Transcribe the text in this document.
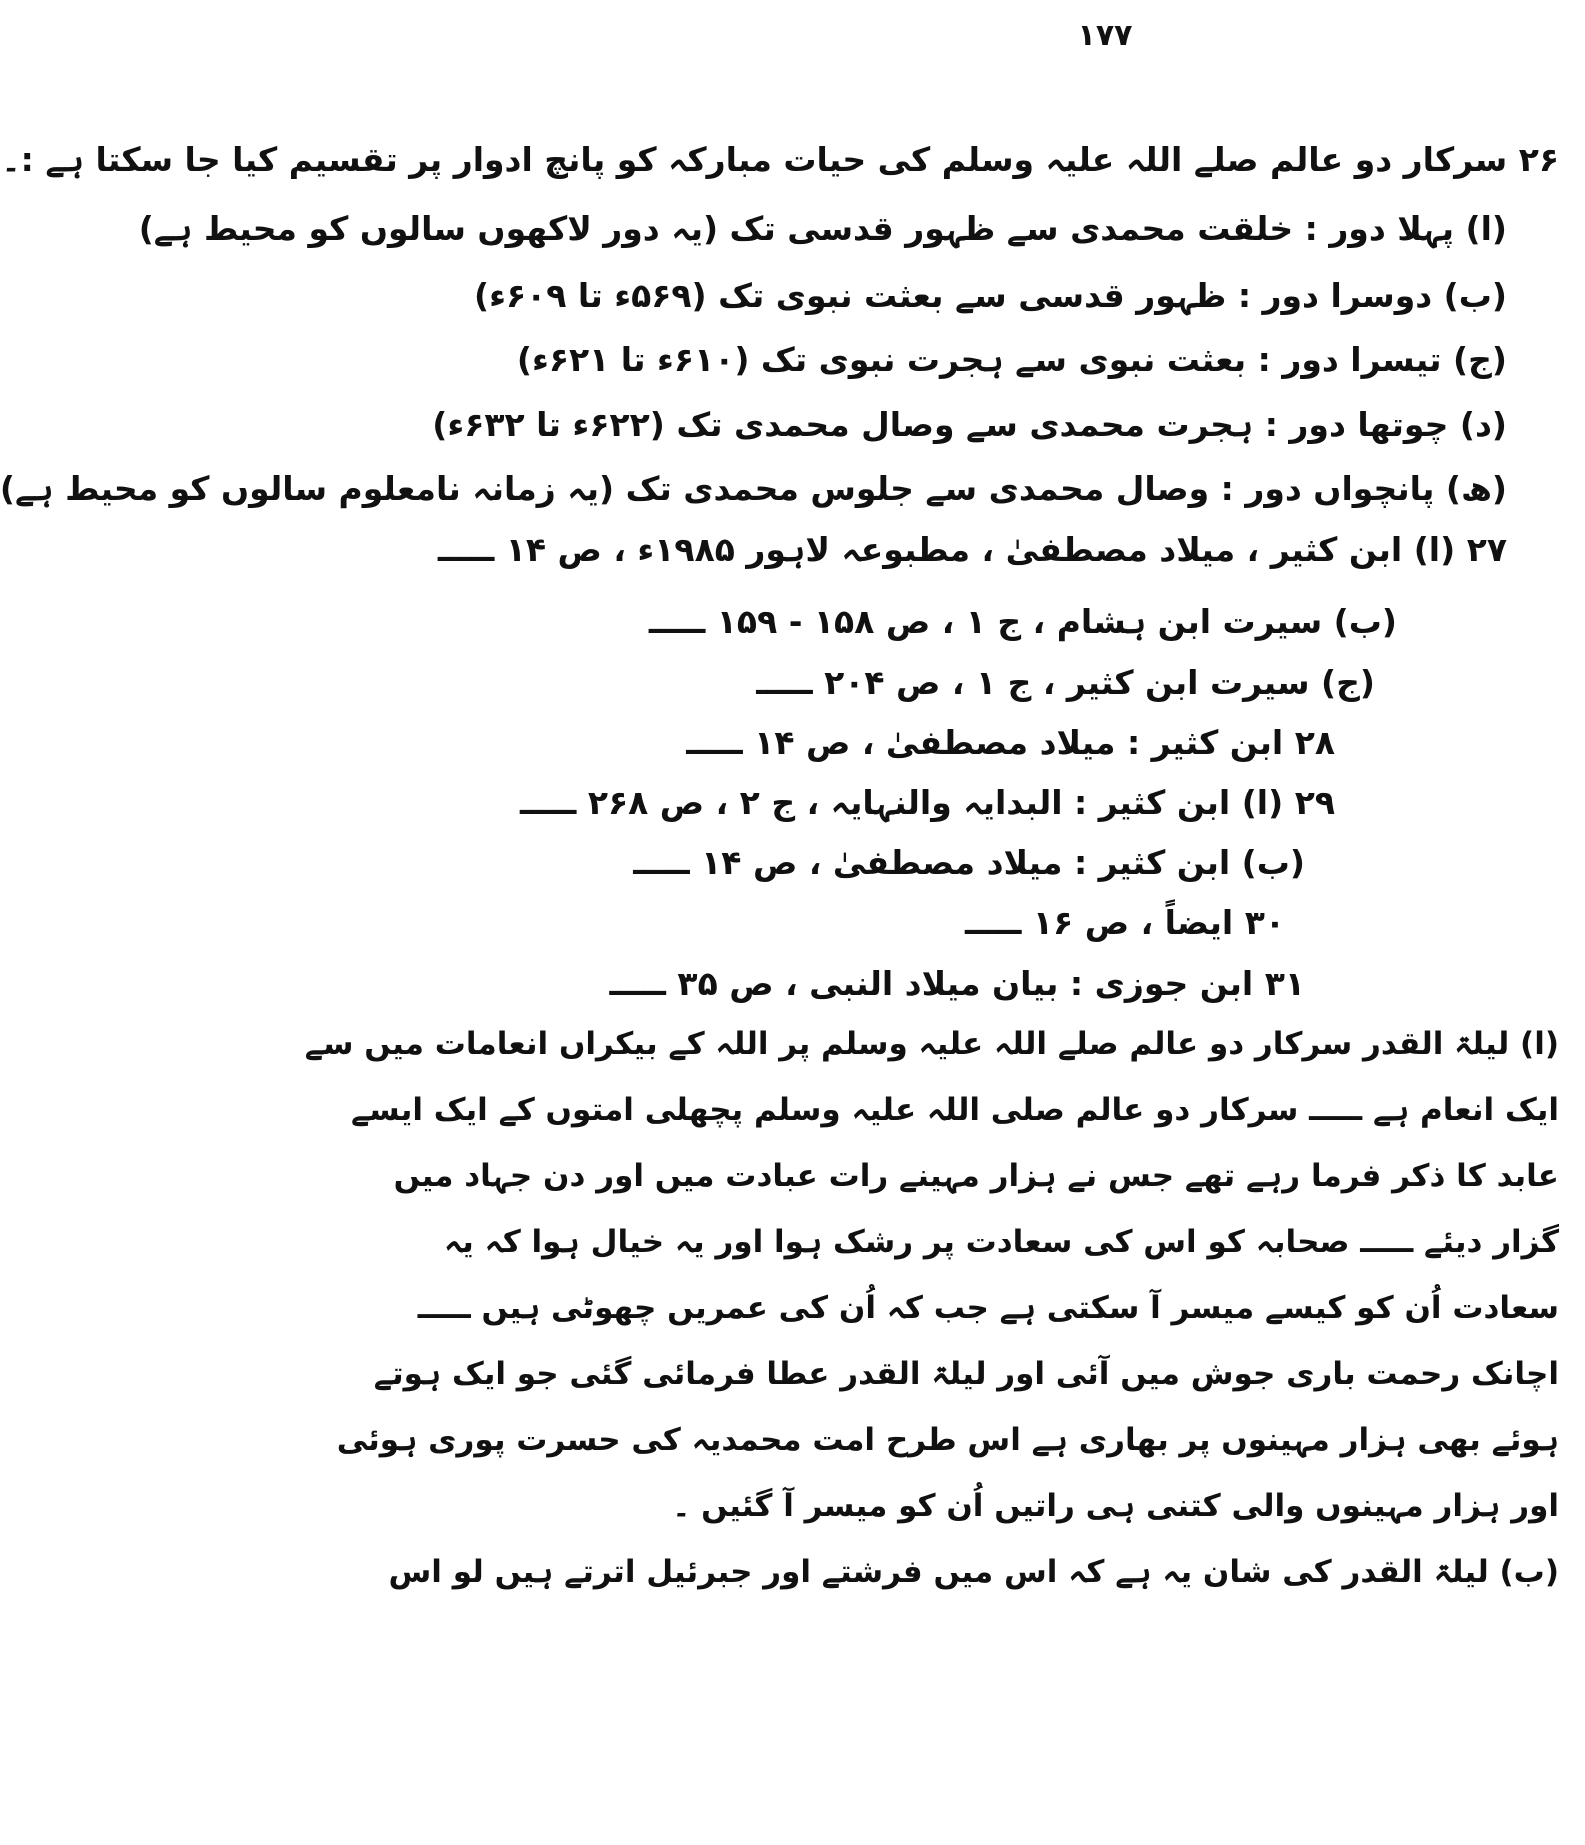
۱۷۷
۲۶ سرکار دو عالم صلے اللہ علیہ وسلم کی حیات مبارکہ کو پانچ ادوار پر تقسیم کیا جا سکتا ہے :۔
(ا) پہلا دور : خلقت محمدی سے ظہور قدسی تک (یہ دور لاکھوں سالوں کو محیط ہے)
(ب) دوسرا دور : ظہور قدسی سے بعثت نبوی تک (۵۶۹ء تا ۶۰۹ء)
(ج) تیسرا دور : بعثت نبوی سے ہجرت نبوی تک (۶۱۰ء تا ۶۲۱ء)
(د) چوتھا دور : ہجرت محمدی سے وصال محمدی تک (۶۲۲ء تا ۶۳۲ء)
(ھ) پانچواں دور : وصال محمدی سے جلوس محمدی تک (یہ زمانہ نامعلوم سالوں کو محیط ہے)
۲۷ (ا) ابن کثیر ، میلاد مصطفیٰ ، مطبوعہ لاہور ۱۹۸۵ء ، ص ۱۴ ـــــ
(ب) سیرت ابن ہشام ، ج ۱ ، ص ۱۵۸ - ۱۵۹ ـــــ
(ج) سیرت ابن کثیر ، ج ۱ ، ص ۲۰۴ ـــــ
۲۸ ابن کثیر : میلاد مصطفیٰ ، ص ۱۴ ـــــ
۲۹ (ا) ابن کثیر : البدایہ والنہایہ ، ج ۲ ، ص ۲۶۸ ـــــ
(ب) ابن کثیر : میلاد مصطفیٰ ، ص ۱۴ ـــــ
۳۰ ایضاً ، ص ۱۶ ـــــ
۳۱ ابن جوزی : بیان میلاد النبی ، ص ۳۵ ـــــ
(ا) لیلۃ القدر سرکار دو عالم صلے اللہ علیہ وسلم پر اللہ کے بیکراں انعامات میں سے
ایک انعام ہے ـــــ سرکار دو عالم صلی اللہ علیہ وسلم پچھلی امتوں کے ایک ایسے
عابد کا ذکر فرما رہے تھے جس نے ہزار مہینے رات عبادت میں اور دن جہاد میں
گزار دیئے ـــــ صحابہ کو اس کی سعادت پر رشک ہوا اور یہ خیال ہوا کہ یہ
سعادت اُن کو کیسے میسر آ سکتی ہے جب کہ اُن کی عمریں چھوٹی ہیں ـــــ
اچانک رحمت باری جوش میں آئی اور لیلۃ القدر عطا فرمائی گئی جو ایک ہوتے
ہوئے بھی ہزار مہینوں پر بھاری ہے اس طرح امت محمدیہ کی حسرت پوری ہوئی
اور ہزار مہینوں والی کتنی ہی راتیں اُن کو میسر آ گئیں ۔
(ب) لیلۃ القدر کی شان یہ ہے کہ اس میں فرشتے اور جبرئیل اترتے ہیں لو اس
